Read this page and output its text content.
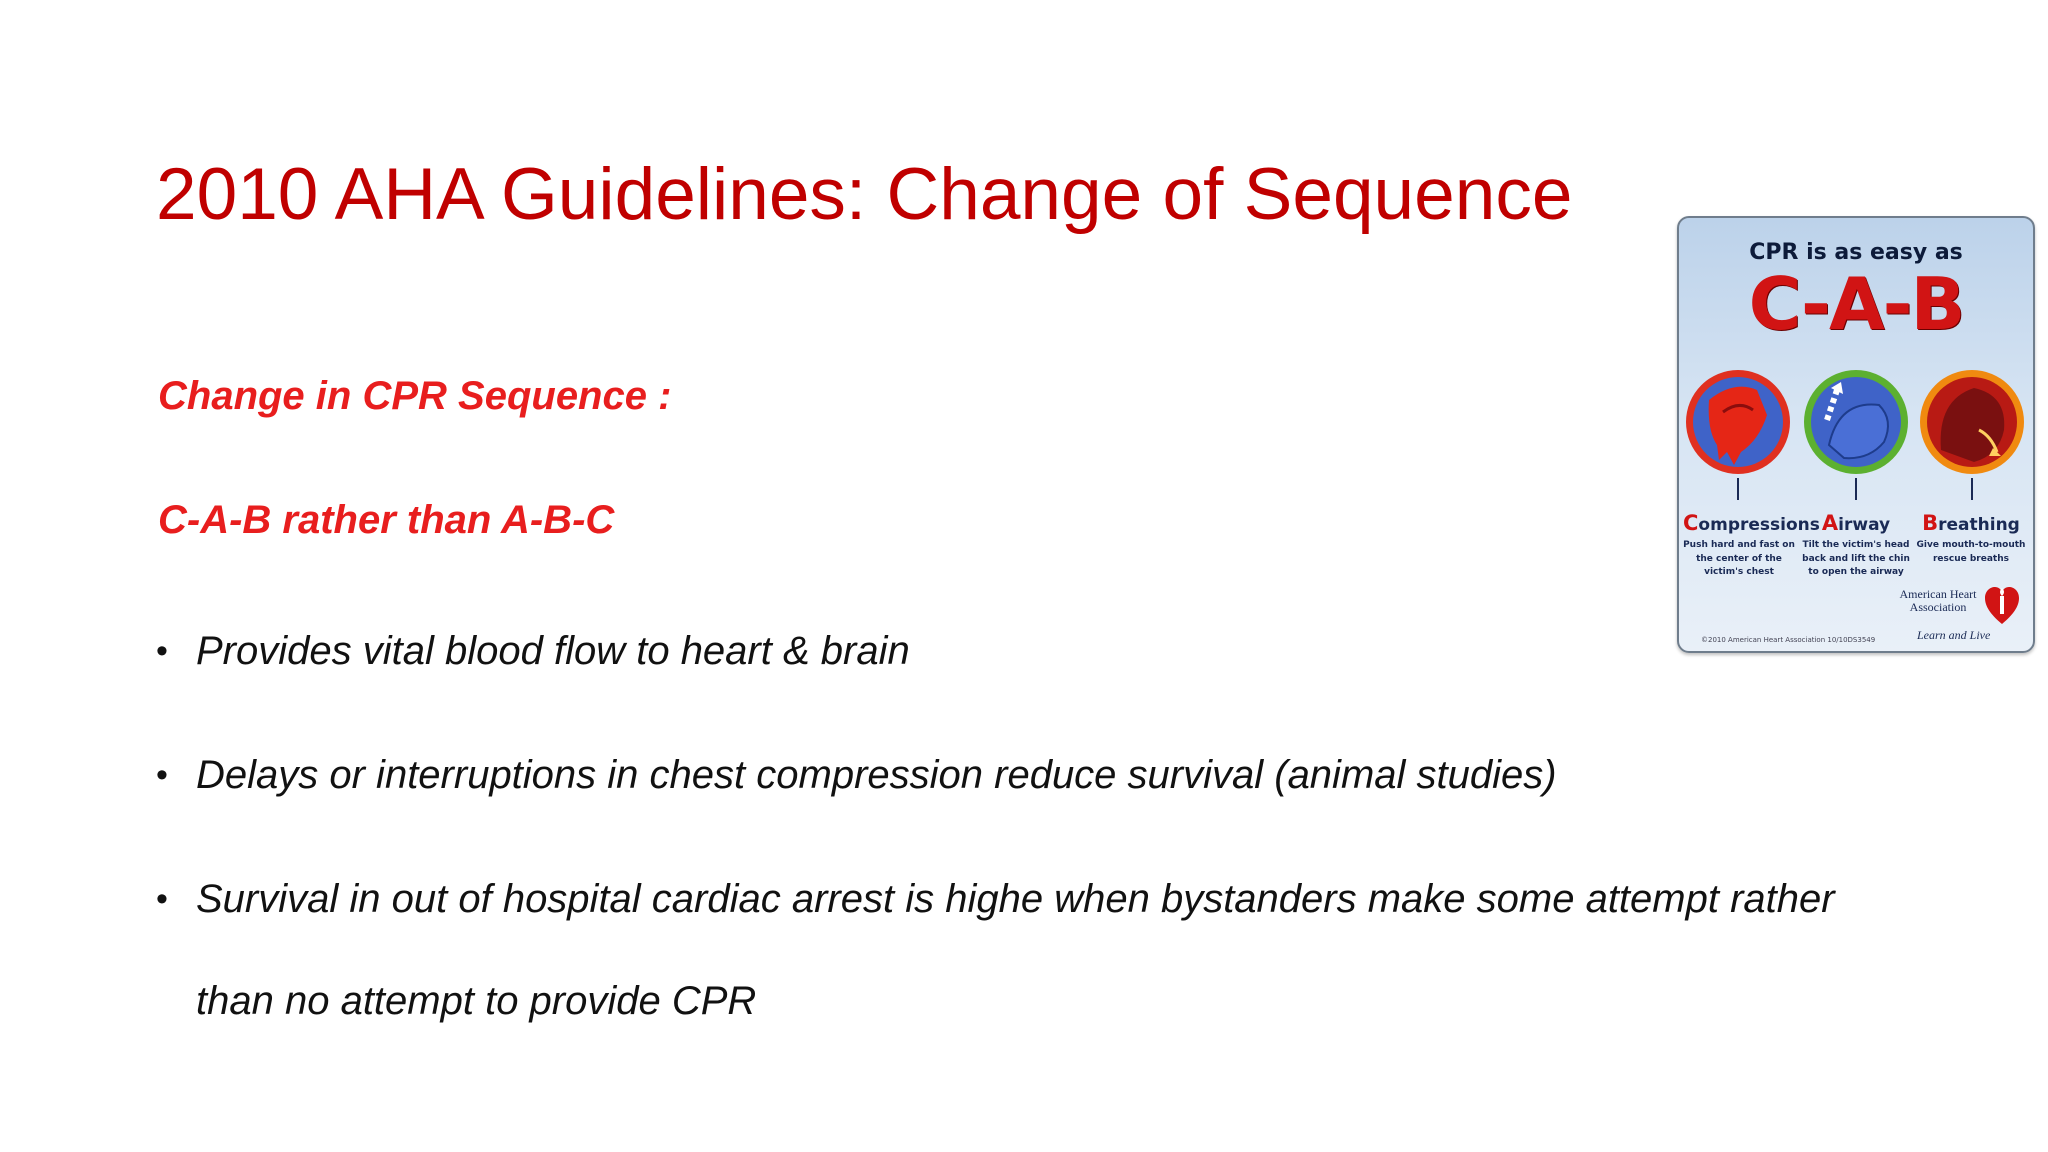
2010 AHA Guidelines: Change of Sequence
Change in CPR Sequence :
C-A-B rather than A-B-C
• Provides vital blood flow to heart & brain
• Delays or interruptions in chest compression reduce survival (animal studies)
• Survival in out of hospital cardiac arrest is highe when bystanders make some attempt rather than no attempt to provide CPR
CPR is as easy as
C-A-B
Compressions
Push hard and fast on the center of the victim's chest
Airway
Tilt the victim's head back and lift the chin to open the airway
Breathing
Give mouth-to-mouth rescue breaths
American Heart Association
Learn and Live
©2010 American Heart Association 10/10DS3549
